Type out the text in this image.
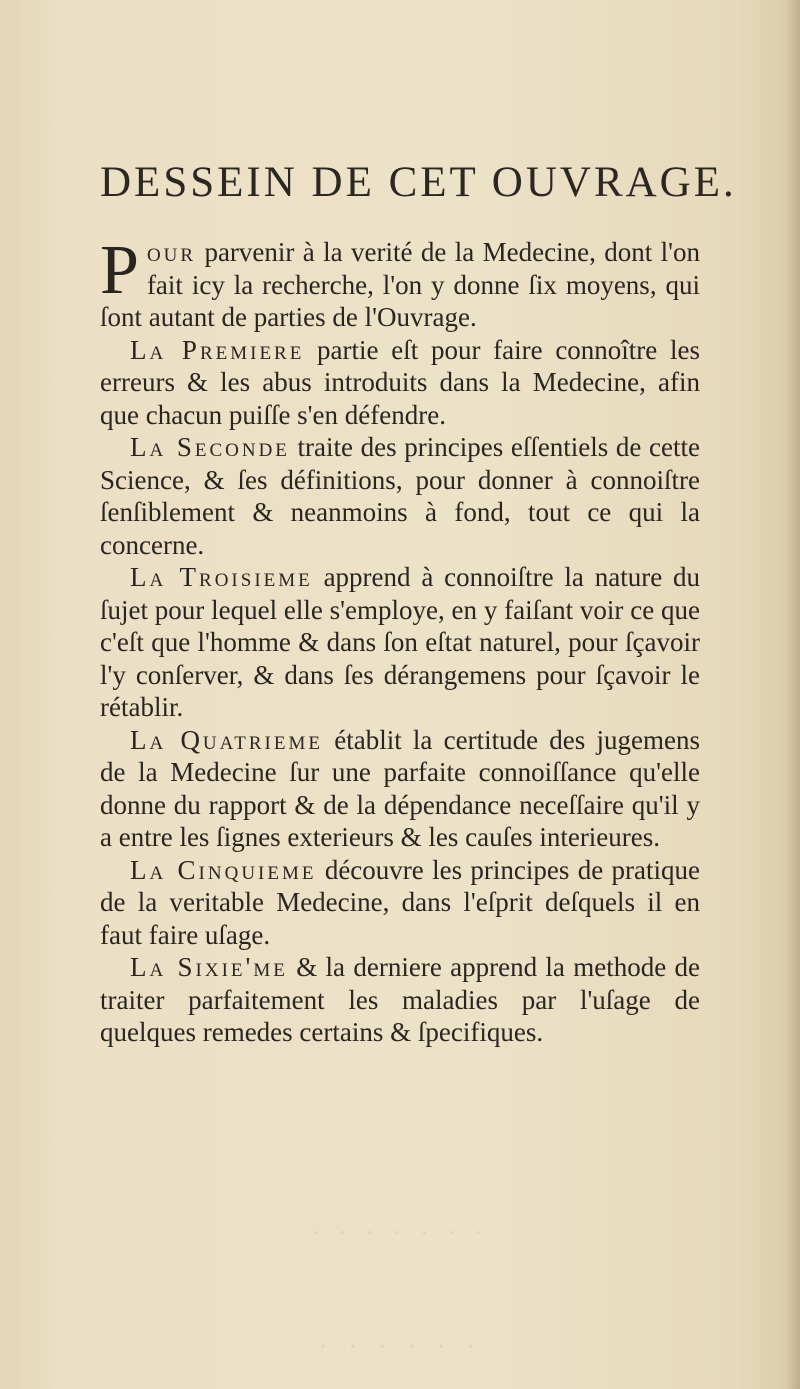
· · · · · · ·
· · · · · ·
DESSEIN DE CET OUVRAGE.

Pour parvenir à la verité de la Medecine, dont l'on fait icy la recherche, l'on y donne ſix moyens, qui ſont autant de parties de l'Ouvrage.

La Premiere partie eſt pour faire connoître les erreurs & les abus introduits dans la Medecine, afin que chacun puiſſe s'en défendre.

La Seconde traite des principes eſſentiels de cette Science, & ſes définitions, pour donner à connoiſtre ſenſiblement & neanmoins à fond, tout ce qui la concerne.

La Troisieme apprend à connoiſtre la nature du ſujet pour lequel elle s'employe, en y faiſant voir ce que c'eſt que l'homme & dans ſon eſtat naturel, pour ſçavoir l'y conſerver, & dans ſes dérangemens pour ſçavoir le rétablir.

La Quatrieme établit la certitude des jugemens de la Medecine ſur une parfaite connoiſſance qu'elle donne du rapport & de la dépendance neceſſaire qu'il y a entre les ſignes exterieurs & les cauſes interieures.

La Cinquieme découvre les principes de pratique de la veritable Medecine, dans l'eſprit deſquels il en faut faire uſage.

La Sixie'me & la derniere apprend la methode de traiter parfaitement les maladies par l'uſage de quelques remedes certains & ſpecifiques.
